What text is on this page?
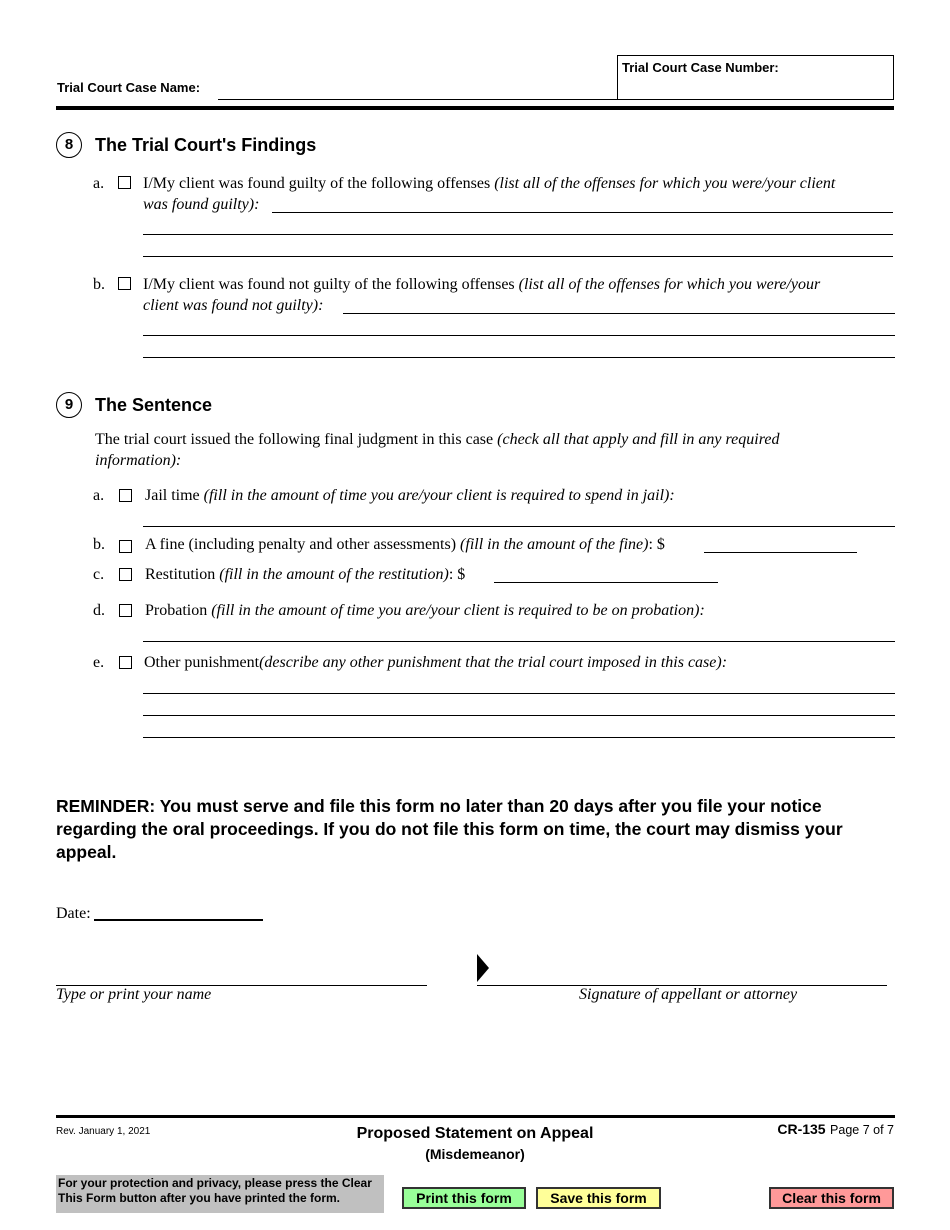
Trial Court Case Name:
Trial Court Case Number:
8	The Trial Court's Findings
a. I/My client was found guilty of the following offenses (list all of the offenses for which you were/your client
was found guilty):
b. I/My client was found not guilty of the following offenses (list all of the offenses for which you were/your
client was found not guilty):
9	The Sentence
The trial court issued the following final judgment in this case (check all that apply and fill in any required
information):
a.	Jail time (fill in the amount of time you are/your client is required to spend in jail):
b.	A fine (including penalty and other assessments) (fill in the amount of the fine): $
c.	Restitution (fill in the amount of the restitution): $
d.	Probation (fill in the amount of time you are/your client is required to be on probation):
e. Other punishment(describe any other punishment that the trial court imposed in this case):
REMINDER: You must serve and file this form no later than 20 days after you file your notice
regarding the oral proceedings. If you do not file this form on time, the court may dismiss your
appeal.
Date:
Type or print your name	Signature of appellant or attorney
Rev. January 1, 2021	Proposed Statement on Appeal
(Misdemeanor)
CR-135 Page 7 of 7
For your protection and privacy, please press the Clear
This Form button after you have printed the form.	Print this form	Save this form	Clear this form
